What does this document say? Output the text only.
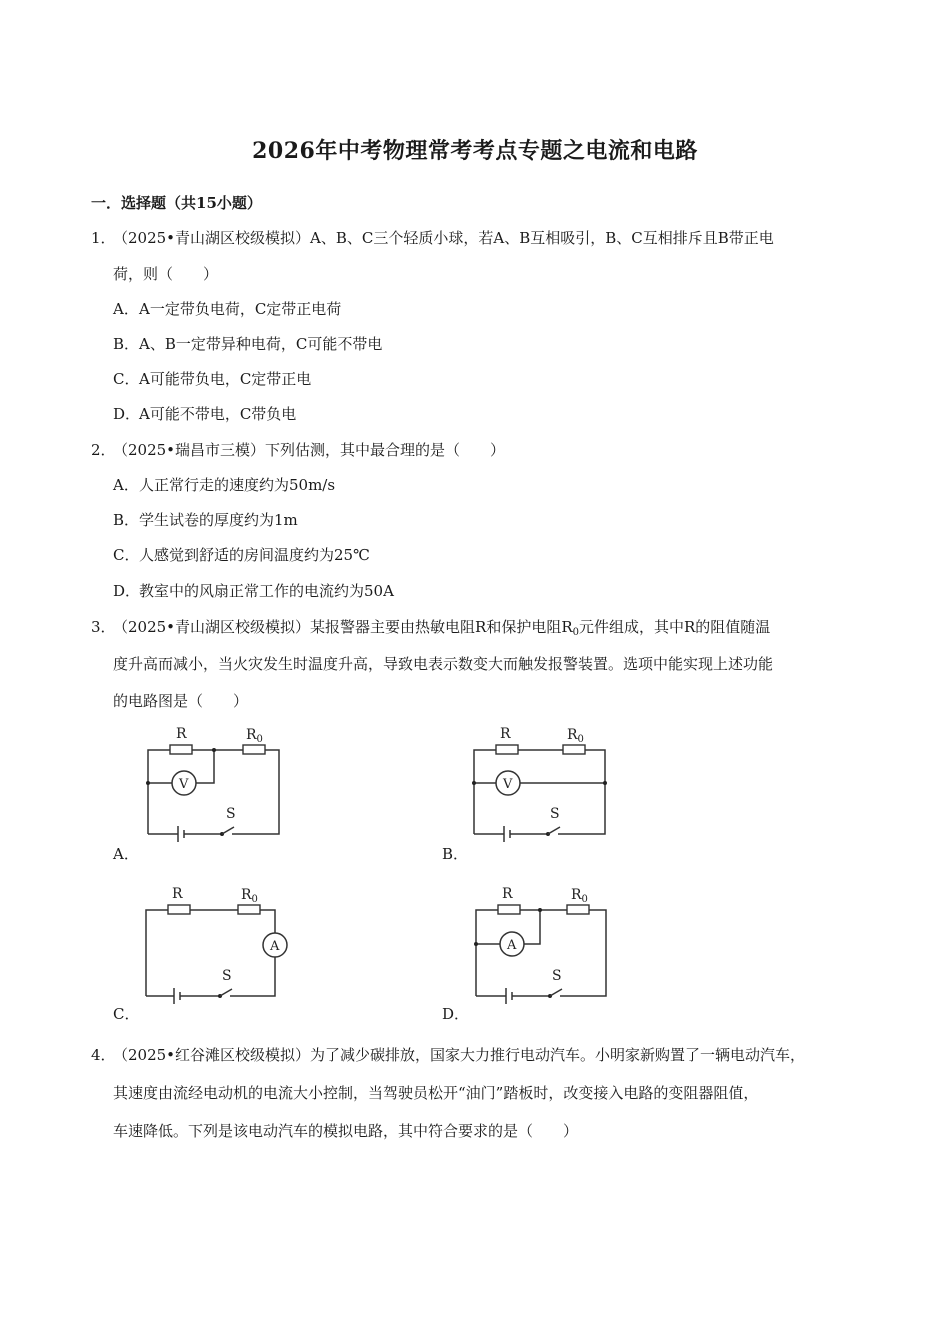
2026年中考物理常考考点专题之电流和电路
一．选择题（共15小题）
1．
（2025•青山湖区校级模拟）A、B、C三个轻质小球，若A、B互相吸引，B、C互相排斥且B带正电
荷，则（　　）
A．A一定带负电荷，C定带正电荷
B．A、B一定带异种电荷，C可能不带电
C．A可能带负电，C定带正电
D．A可能不带电，C带负电
2．
（2025•瑞昌市三模）下列估测，其中最合理的是（　　）
A．人正常行走的速度约为50m/s
B．学生试卷的厚度约为1m
C．人感觉到舒适的房间温度约为25℃
D．教室中的风扇正常工作的电流约为50A
3．
（2025•青山湖区校级模拟）某报警器主要由热敏电阻R和保护电阻$R_0$元件组成，其中R的阻值随温
度升高而减小，当火灾发生时温度升高，导致电表示数变大而触发报警装置。选项中能实现上述功能
的电路图是（　　）
R	$R_0$
S
V
A．
R	$R_0$
S
V
B．
R	$R_0$
S
A
C．
R	$R_0$
S
A
D．
4．
（2025•红谷滩区校级模拟）为了减少碳排放，国家大力推行电动汽车。小明家新购置了一辆电动汽车，
其速度由流经电动机的电流大小控制，当驾驶员松开“油门”踏板时，改变接入电路的变阻器阻值，
车速降低。下列是该电动汽车的模拟电路，其中符合要求的是（　　）
